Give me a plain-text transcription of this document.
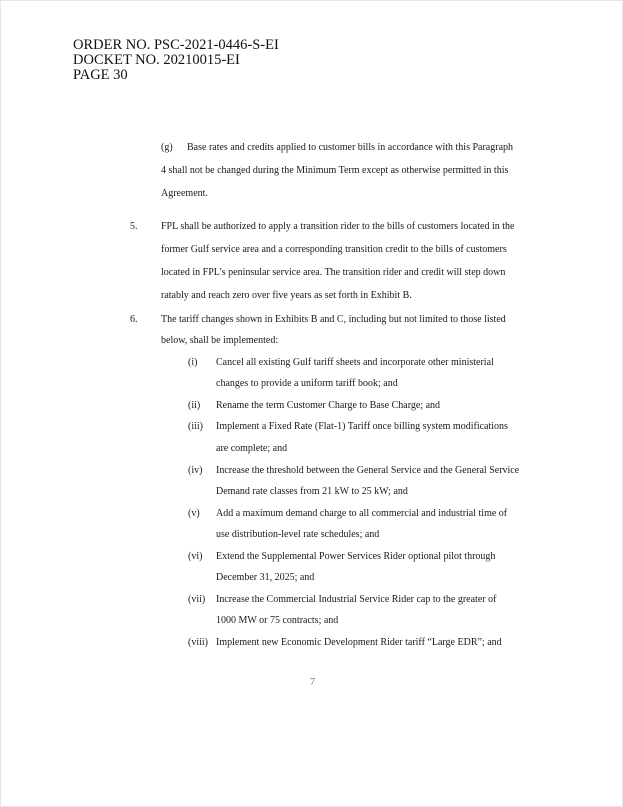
ORDER NO. PSC-2021-0446-S-EI
DOCKET NO. 20210015-EI
PAGE 30
(g) Base rates and credits applied to customer bills in accordance with this Paragraph
4 shall not be changed during the Minimum Term except as otherwise permitted in this
Agreement.
5. FPL shall be authorized to apply a transition rider to the bills of customers located in the
former Gulf service area and a corresponding transition credit to the bills of customers
located in FPL’s peninsular service area. The transition rider and credit will step down
ratably and reach zero over five years as set forth in Exhibit B.
6. The tariff changes shown in Exhibits B and C, including but not limited to those listed
below, shall be implemented:
(i) Cancel all existing Gulf tariff sheets and incorporate other ministerial
changes to provide a uniform tariff book; and
(ii) Rename the term Customer Charge to Base Charge; and
(iii) Implement a Fixed Rate (Flat-1) Tariff once billing system modifications
are complete; and
(iv) Increase the threshold between the General Service and the General Service
Demand rate classes from 21 kW to 25 kW; and
(v) Add a maximum demand charge to all commercial and industrial time of
use distribution-level rate schedules; and
(vi) Extend the Supplemental Power Services Rider optional pilot through
December 31, 2025; and
(vii) Increase the Commercial Industrial Service Rider cap to the greater of
1000 MW or 75 contracts; and
(viii) Implement new Economic Development Rider tariff “Large EDR”; and
7
